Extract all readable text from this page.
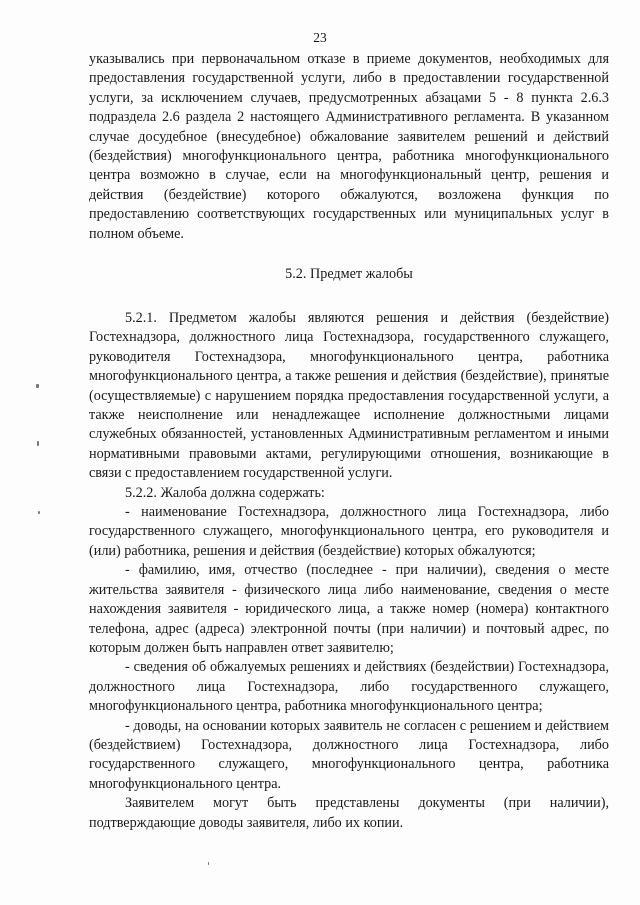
23

указывались при первоначальном отказе в приеме документов, необходимых для предоставления государственной услуги, либо в предоставлении государственной услуги, за исключением случаев, предусмотренных абзацами 5 - 8 пункта 2.6.3 подраздела 2.6 раздела 2 настоящего Административного регламента. В указанном случае досудебное (внесудебное) обжалование заявителем решений и действий (бездействия) многофункционального центра, работника многофункционального центра возможно в случае, если на многофункциональный центр, решения и действия (бездействие) которого обжалуются, возложена функция по предоставлению соответствующих государственных или муниципальных услуг в полном объеме.

5.2. Предмет жалобы

5.2.1. Предметом жалобы являются решения и действия (бездействие) Гостехнадзора, должностного лица Гостехнадзора, государственного служащего, руководителя Гостехнадзора, многофункционального центра, работника многофункционального центра, а также решения и действия (бездействие), принятые (осуществляемые) с нарушением порядка предоставления государственной услуги, а также неисполнение или ненадлежащее исполнение должностными лицами служебных обязанностей, установленных Административным регламентом и иными нормативными правовыми актами, регулирующими отношения, возникающие в связи с предоставлением государственной услуги.

5.2.2. Жалоба должна содержать:

- наименование Гостехнадзора, должностного лица Гостехнадзора, либо государственного служащего, многофункционального центра, его руководителя и (или) работника, решения и действия (бездействие) которых обжалуются;

- фамилию, имя, отчество (последнее - при наличии), сведения о месте жительства заявителя - физического лица либо наименование, сведения о месте нахождения заявителя - юридического лица, а также номер (номера) контактного телефона, адрес (адреса) электронной почты (при наличии) и почтовый адрес, по которым должен быть направлен ответ заявителю;

- сведения об обжалуемых решениях и действиях (бездействии) Гостехнадзора, должностного лица Гостехнадзора, либо государственного служащего, многофункционального центра, работника многофункционального центра;

- доводы, на основании которых заявитель не согласен с решением и действием (бездействием) Гостехнадзора, должностного лица Гостехнадзора, либо государственного служащего, многофункционального центра, работника многофункционального центра.

Заявителем могут быть представлены документы (при наличии), подтверждающие доводы заявителя, либо их копии.
